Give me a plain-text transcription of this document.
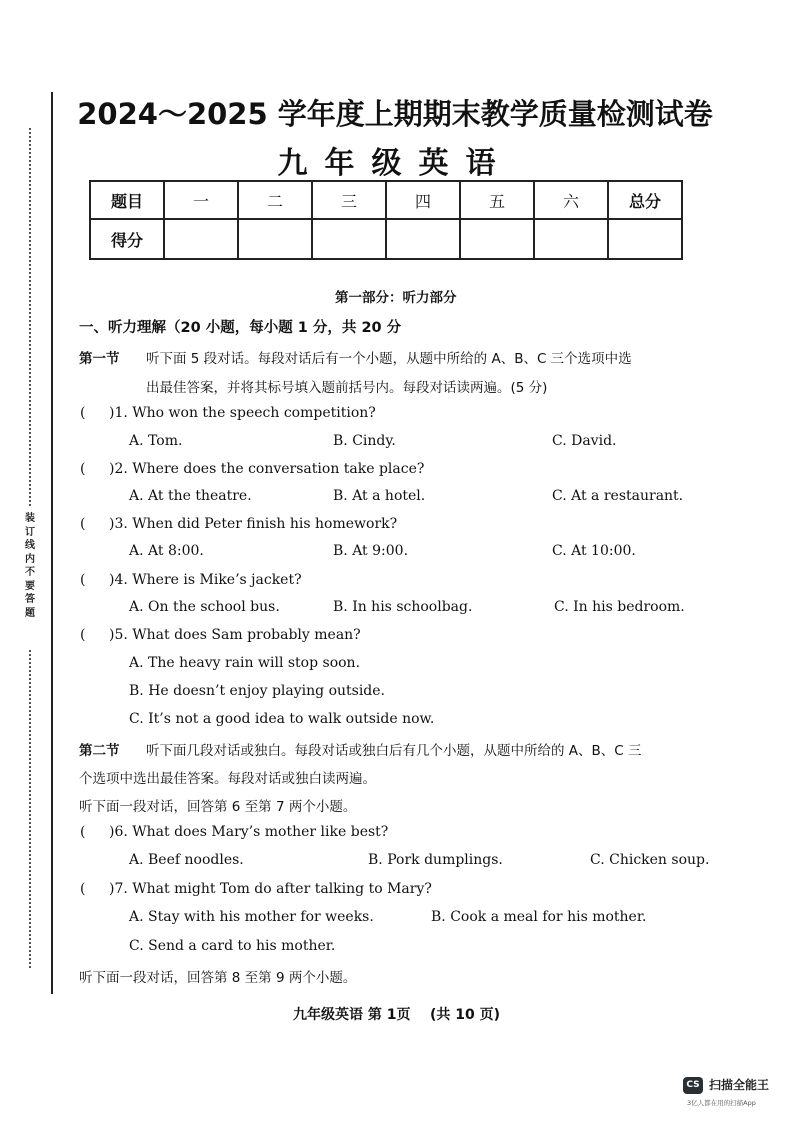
装订线内不要答题
2024～2025 学年度上期期末教学质量检测试卷
九年级英语
题目	一	二	三	四	五	六	总分
得分							
第一部分：听力部分
一、听力理解（20 小题，每小题 1 分，共 20 分
第一节 听下面 5 段对话。每段对话后有一个小题，从题中所给的 A、B、C 三个选项中选
出最佳答案，并将其标号填入题前括号内。每段对话读两遍。(5 分)
( )1. Who won the speech competition?
A. Tom.	B. Cindy.	C. David.
( )2. Where does the conversation take place?
A. At the theatre.	B. At a hotel.	C. At a restaurant.
( )3. When did Peter finish his homework?
A. At 8:00.	B. At 9:00.	C. At 10:00.
( )4. Where is Mike’s jacket?
A. On the school bus.	B. In his schoolbag.	C. In his bedroom.
( )5. What does Sam probably mean?
A. The heavy rain will stop soon.
B. He doesn’t enjoy playing outside.
C. It’s not a good idea to walk outside now.
第二节 听下面几段对话或独白。每段对话或独白后有几个小题，从题中所给的 A、B、C 三
个选项中选出最佳答案。每段对话或独白读两遍。
听下面一段对话，回答第 6 至第 7 两个小题。
( )6. What does Mary’s mother like best?
A. Beef noodles.	B. Pork dumplings.	C. Chicken soup.
( )7. What might Tom do after talking to Mary?
A. Stay with his mother for weeks.	B. Cook a meal for his mother.
C. Send a card to his mother.
听下面一段对话，回答第 8 至第 9 两个小题。
九年级英语 第 1页    (共 10 页)
CS 扫描全能王
3亿人都在用的扫描App
